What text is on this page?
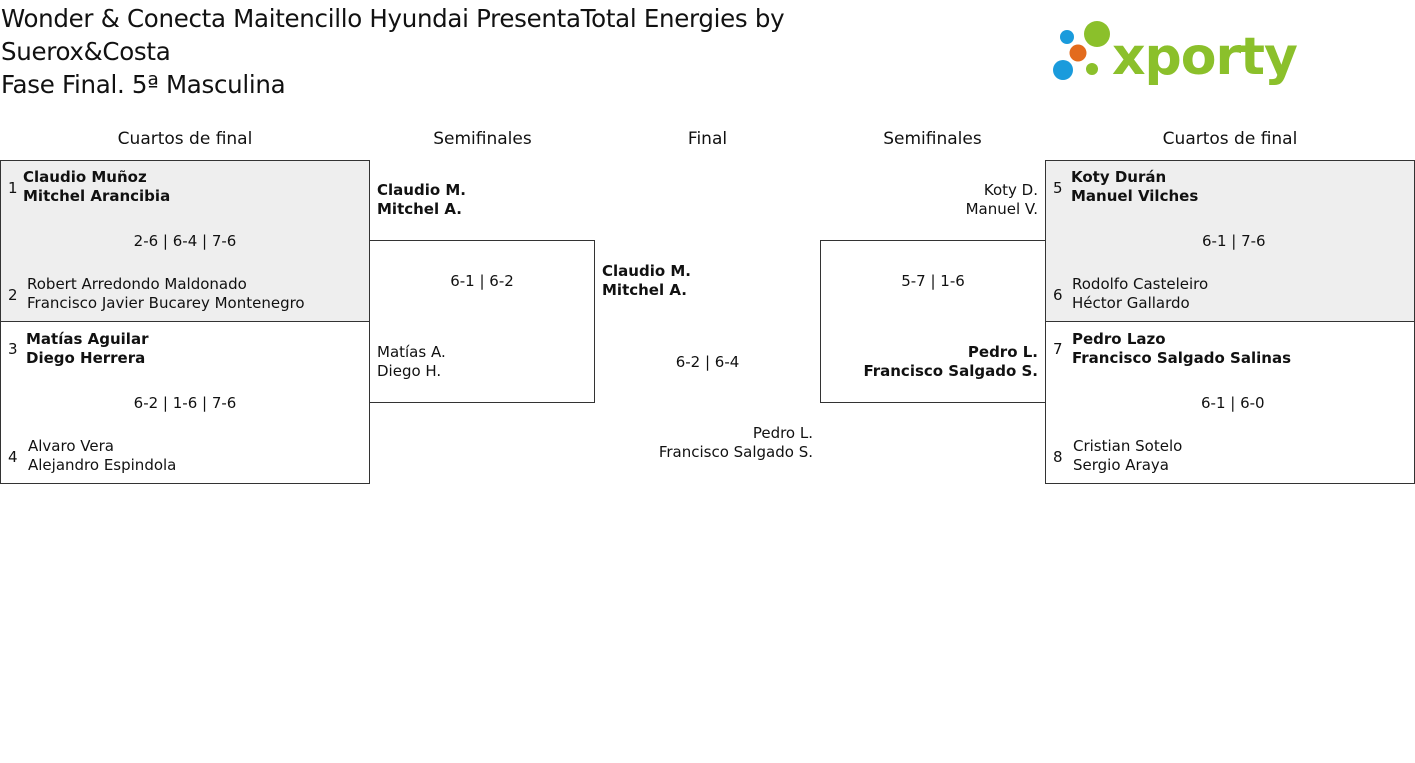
Wonder & Conecta Maitencillo Hyundai PresentaTotal Energies by
Suerox&Costa
Fase Final. 5ª Masculina	xporty
Cuartos de final	Semifinales	Final	Semifinales	Cuartos de final
1
Claudio Muñoz
Mitchel Arancibia
2-6 | 6-4 | 7-6
2
Robert Arredondo Maldonado
Francisco Javier Bucarey Montenegro
3
Matías Aguilar
Diego Herrera
6-2 | 1-6 | 7-6
4
Alvaro Vera
Alejandro Espindola
Claudio M.
Mitchel A.
6-1 | 6-2
Matías A.
Diego H.
Claudio M.
Mitchel A.
6-2 | 6-4
Pedro L.
Francisco Salgado S.
Koty D.
Manuel V.
5-7 | 1-6
Pedro L.
Francisco Salgado S.
5
Koty Durán
Manuel Vilches
6-1 | 7-6
6
Rodolfo Casteleiro
Héctor Gallardo
7
Pedro Lazo
Francisco Salgado Salinas
6-1 | 6-0
8
Cristian Sotelo
Sergio Araya
